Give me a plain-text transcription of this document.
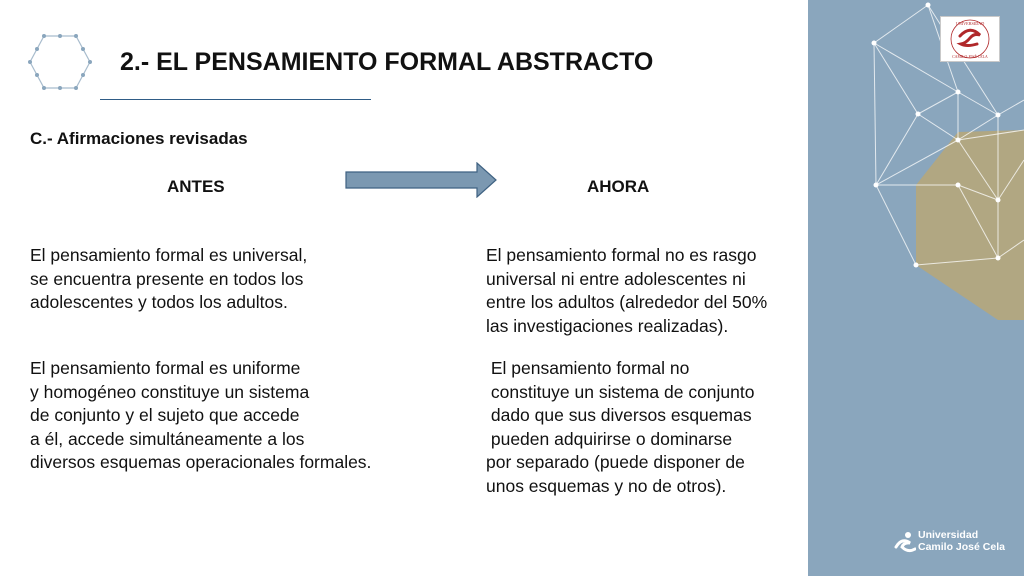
2.- EL PENSAMIENTO FORMAL ABSTRACTO
C.- Afirmaciones revisadas
ANTES	AHORA
El pensamiento formal es universal,
se encuentra presente en todos los
adolescentes y todos los adultos.
El pensamiento formal es uniforme
y homogéneo constituye un sistema
de conjunto y el sujeto que accede
a él, accede simultáneamente a los
diversos esquemas operacionales formales.
El pensamiento formal no es rasgo
universal ni entre adolescentes ni
entre los adultos (alrededor del 50%
las investigaciones realizadas).
El pensamiento formal no
constituye un sistema de conjunto
dado que sus diversos esquemas
pueden adquirirse o dominarse
por separado (puede disponer de
unos esquemas y no de otros).
UNIVERSIDAD
CAMILO JOSÉ CELA
Universidad
Camilo José Cela
